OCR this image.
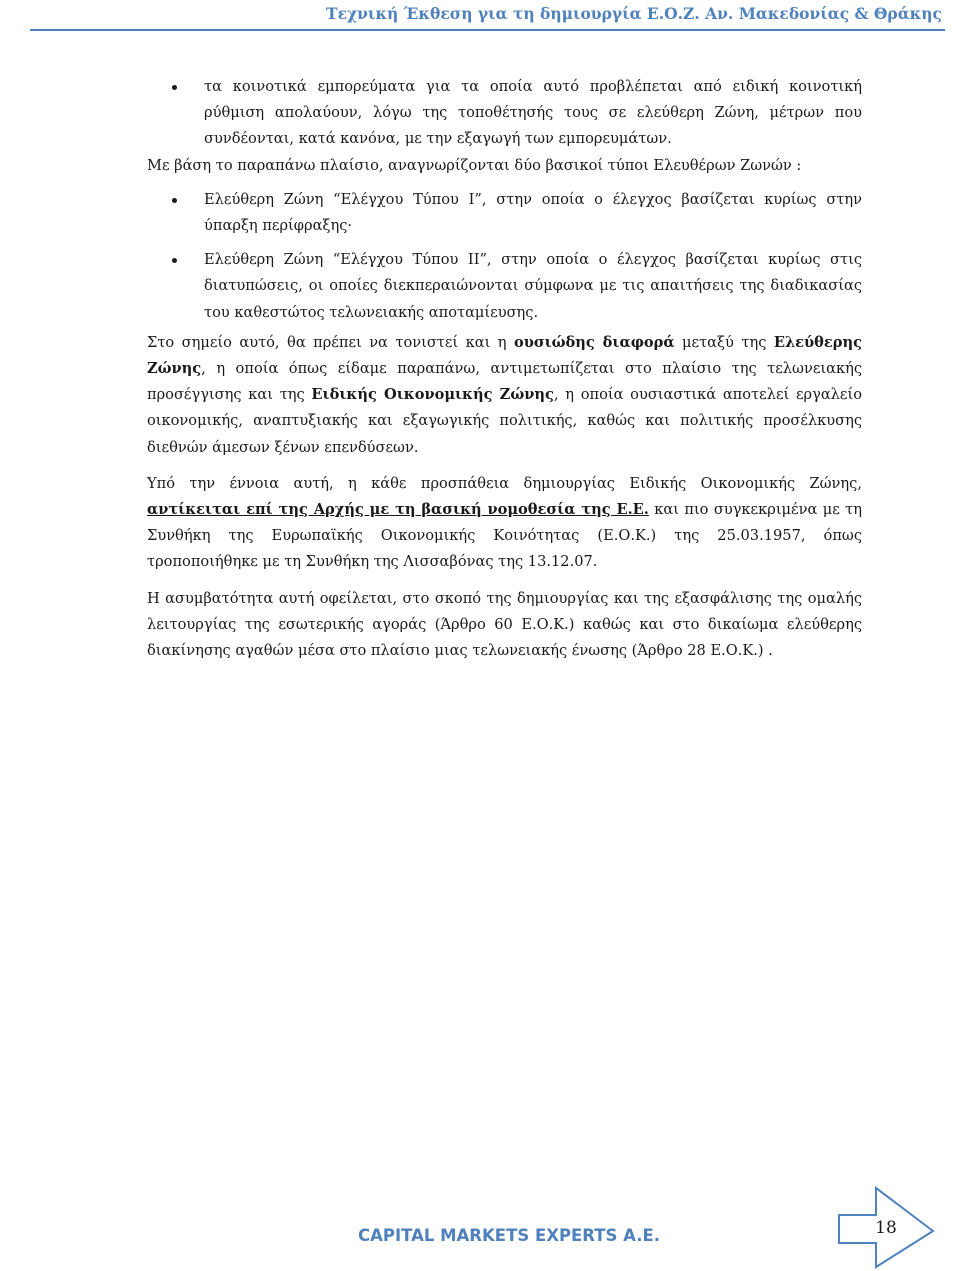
Τεχνική Έκθεση για τη δημιουργία Ε.Ο.Ζ. Αν. Μακεδονίας & Θράκης
τα κοινοτικά εμπορεύματα για τα οποία αυτό προβλέπεται από ειδική κοινοτική ρύθμιση απολαύουν, λόγω της τοποθέτησής τους σε ελεύθερη Ζώνη, μέτρων που συνδέονται, κατά κανόνα, με την εξαγωγή των εμπορευμάτων.

Με βάση το παραπάνω πλαίσιο, αναγνωρίζονται δύο βασικοί τύποι Ελευθέρων Ζωνών :

Ελεύθερη Ζώνη “Ελέγχου Τύπου Ι”, στην οποία ο έλεγχος βασίζεται κυρίως στην ύπαρξη περίφραξης·
Ελεύθερη Ζώνη “Ελέγχου Τύπου ΙΙ”, στην οποία ο έλεγχος βασίζεται κυρίως στις διατυπώσεις, οι οποίες διεκπεραιώνονται σύμφωνα με τις απαιτήσεις της διαδικασίας του καθεστώτος τελωνειακής αποταμίευσης.

Στο σημείο αυτό, θα πρέπει να τονιστεί και η ουσιώδης διαφορά μεταξύ της Ελεύθερης Ζώνης, η οποία όπως είδαμε παραπάνω, αντιμετωπίζεται στο πλαίσιο της τελωνειακής προσέγγισης και της Ειδικής Οικονομικής Ζώνης, η οποία ουσιαστικά αποτελεί εργαλείο οικονομικής, αναπτυξιακής και εξαγωγικής πολιτικής, καθώς και πολιτικής προσέλκυσης διεθνών άμεσων ξένων επενδύσεων.

Υπό την έννοια αυτή, η κάθε προσπάθεια δημιουργίας Ειδικής Οικονομικής Ζώνης, αντίκειται επί της Αρχής με τη βασική νομοθεσία της Ε.Ε. και πιο συγκεκριμένα με τη Συνθήκη της Ευρωπαϊκής Οικονομικής Κοινότητας (Ε.Ο.Κ.) της 25.03.1957, όπως τροποποιήθηκε με τη Συνθήκη της Λισσαβόνας της 13.12.07.

Η ασυμβατότητα αυτή οφείλεται, στο σκοπό της δημιουργίας και της εξασφάλισης της ομαλής λειτουργίας της εσωτερικής αγοράς (Άρθρο 60 Ε.Ο.Κ.) καθώς και στο δικαίωμα ελεύθερης διακίνησης αγαθών μέσα στο πλαίσιο μιας τελωνειακής ένωσης (Άρθρο 28 Ε.Ο.Κ.) .

CAPITAL MARKETS EXPERTS A.E.	18
